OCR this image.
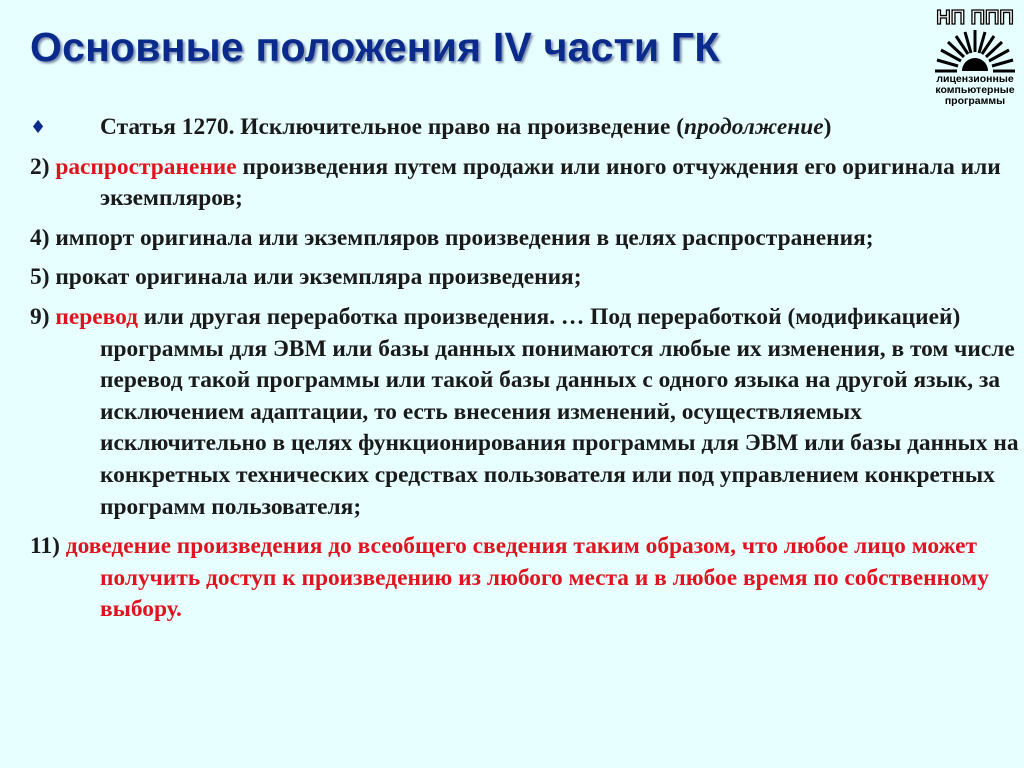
Основные положения IV части ГК
НП ППП
лицензионные
компьютерные
программы

♦ Статья 1270. Исключительное право на произведение (продолжение)

2) распространение произведения путем продажи или иного отчуждения его оригинала или экземпляров;

4) импорт оригинала или экземпляров произведения в целях распространения;

5) прокат оригинала или экземпляра произведения;

9) перевод или другая переработка произведения. … Под переработкой (модификацией) программы для ЭВМ или базы данных понимаются любые их изменения, в том числе перевод такой программы или такой базы данных с одного языка на другой язык, за исключением адаптации, то есть внесения изменений, осуществляемых исключительно в целях функционирования программы для ЭВМ или базы данных на конкретных технических средствах пользователя или под управлением конкретных программ пользователя;

11) доведение произведения до всеобщего сведения таким образом, что любое лицо может получить доступ к произведению из любого места и в любое время по собственному выбору.
